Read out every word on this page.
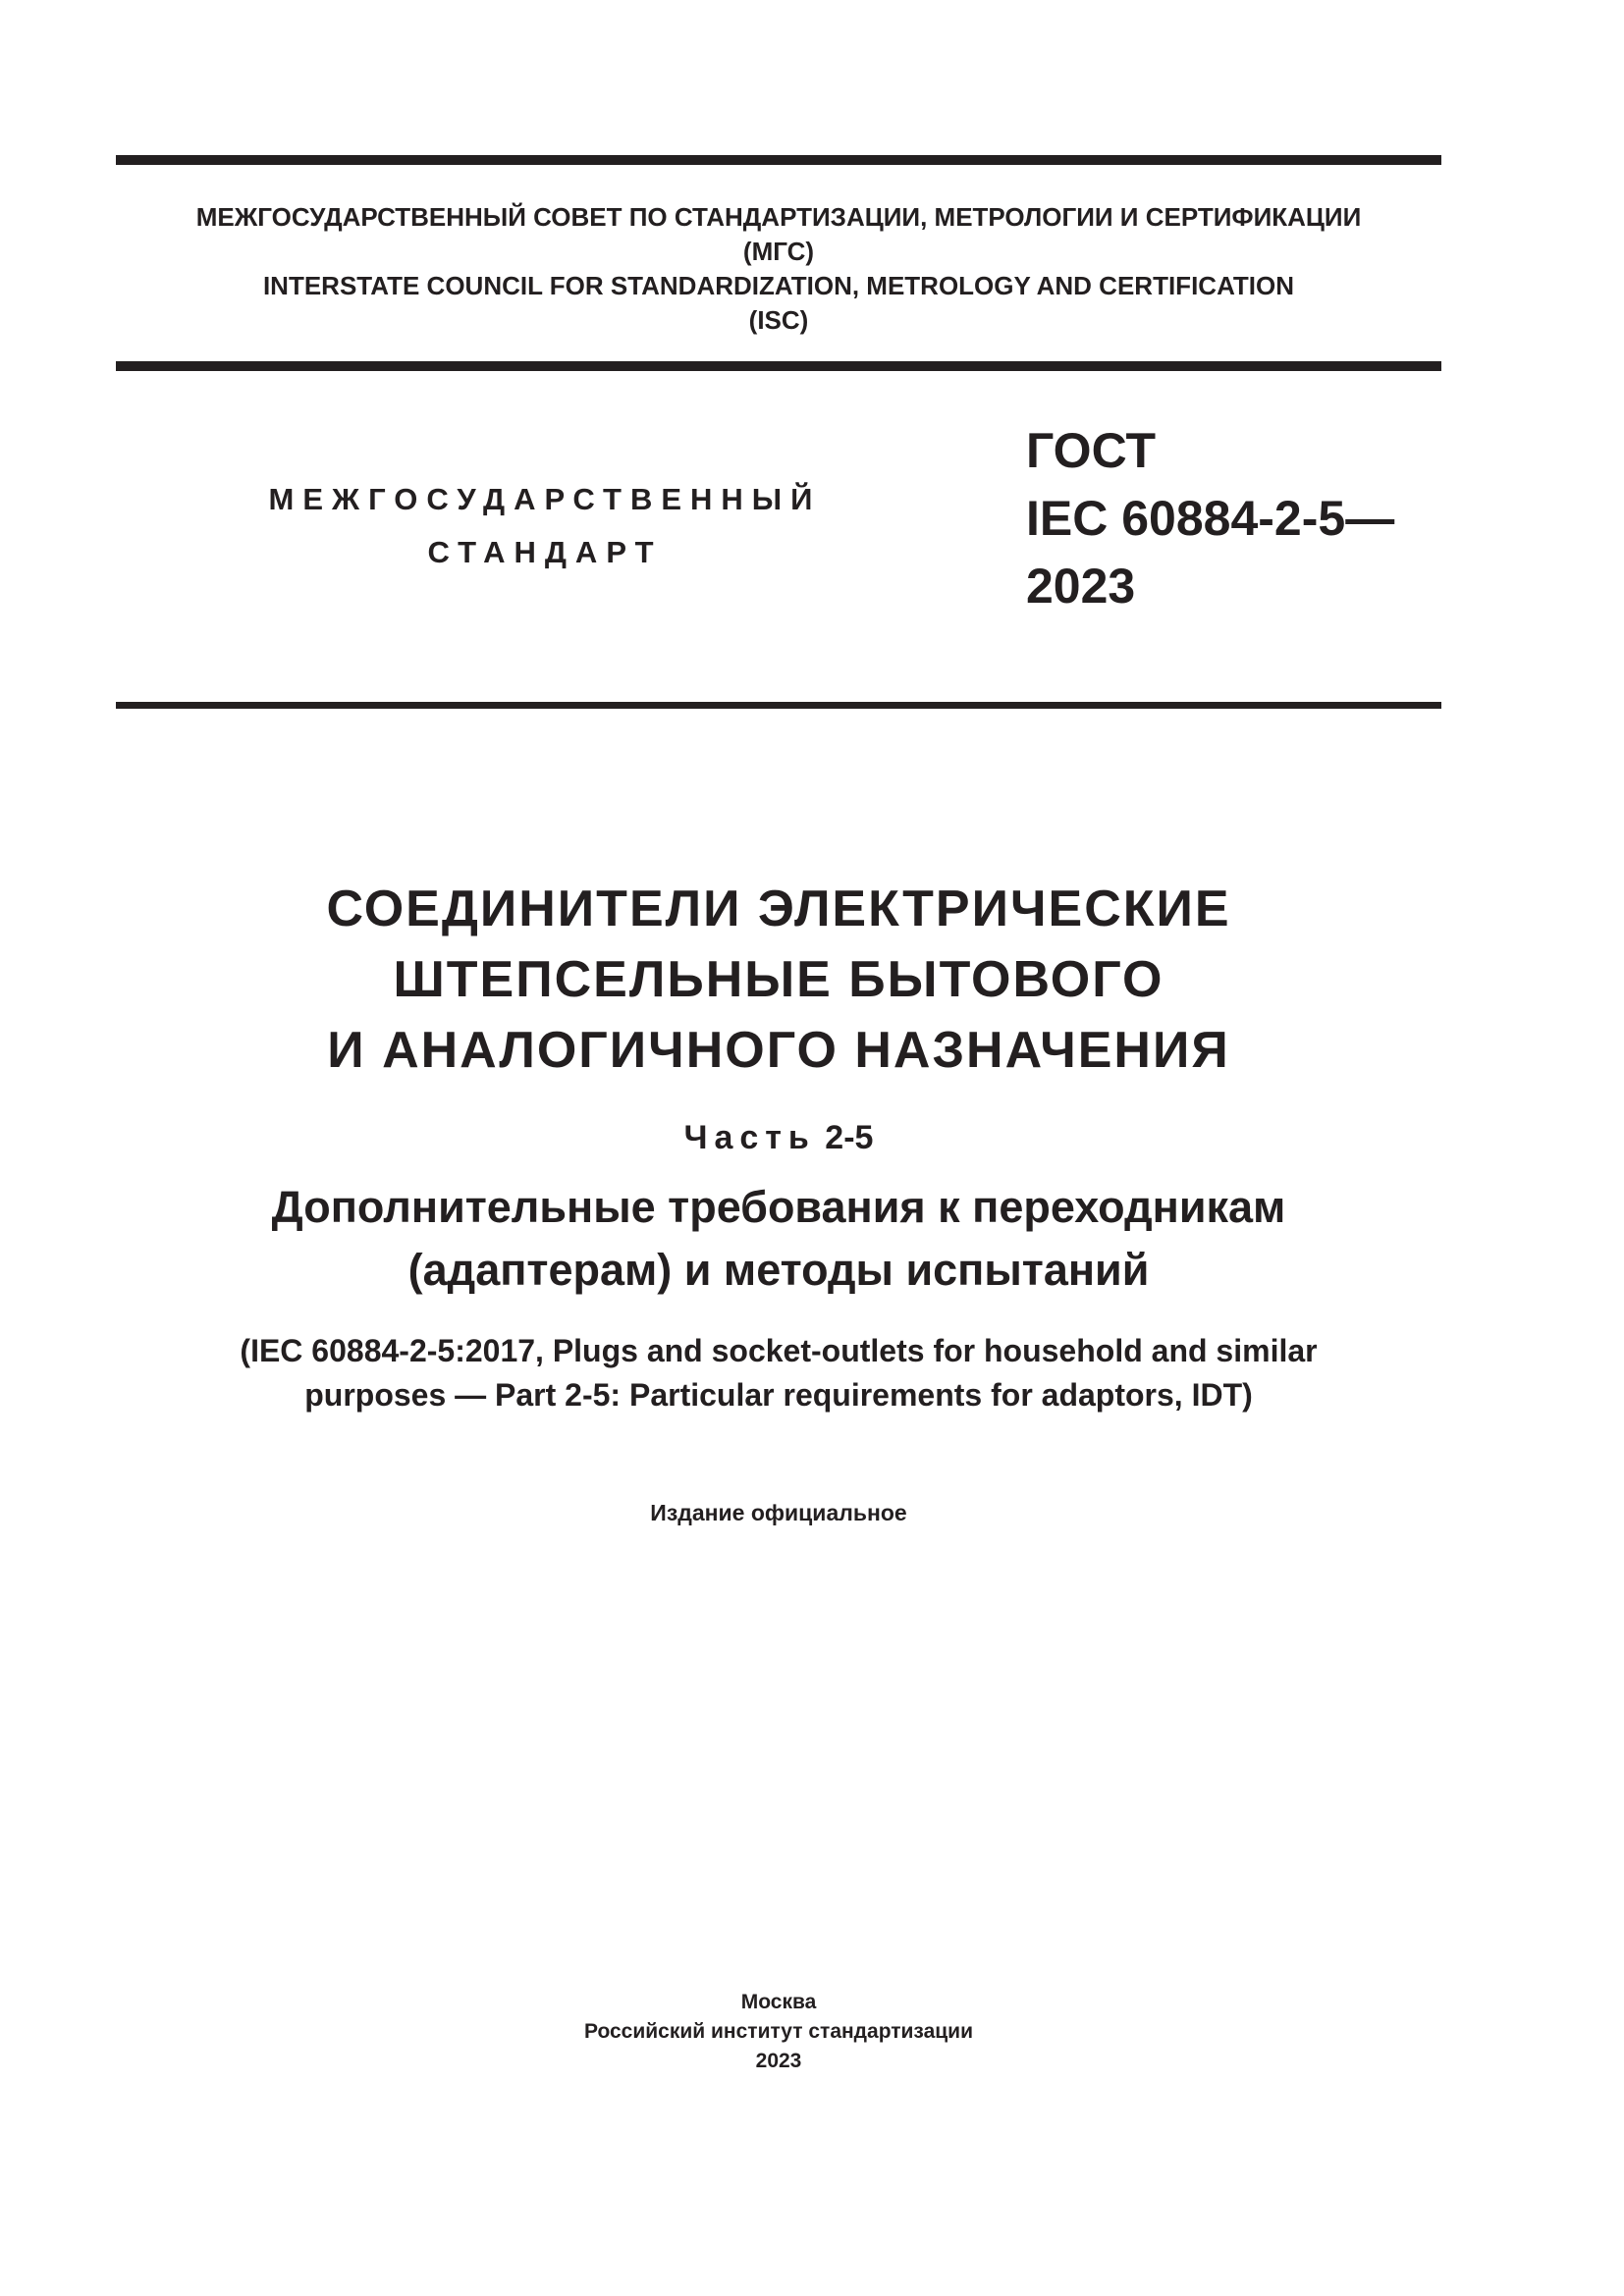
МЕЖГОСУДАРСТВЕННЫЙ СОВЕТ ПО СТАНДАРТИЗАЦИИ, МЕТРОЛОГИИ И СЕРТИФИКАЦИИ
(МГС)
INTERSTATE COUNCIL FOR STANDARDIZATION, METROLOGY AND CERTIFICATION
(ISC)
МЕЖГОСУДАРСТВЕННЫЙ
СТАНДАРТ
ГОСТ
IEC 60884-2-5—
2023
СОЕДИНИТЕЛИ ЭЛЕКТРИЧЕСКИЕ
ШТЕПСЕЛЬНЫЕ БЫТОВОГО
И АНАЛОГИЧНОГО НАЗНАЧЕНИЯ
Часть 2-5
Дополнительные требования к переходникам
(адаптерам) и методы испытаний
(IEC 60884-2-5:2017, Plugs and socket-outlets for household and similar
purposes — Part 2-5: Particular requirements for adaptors, IDT)
Издание официальное
Москва
Российский институт стандартизации
2023
